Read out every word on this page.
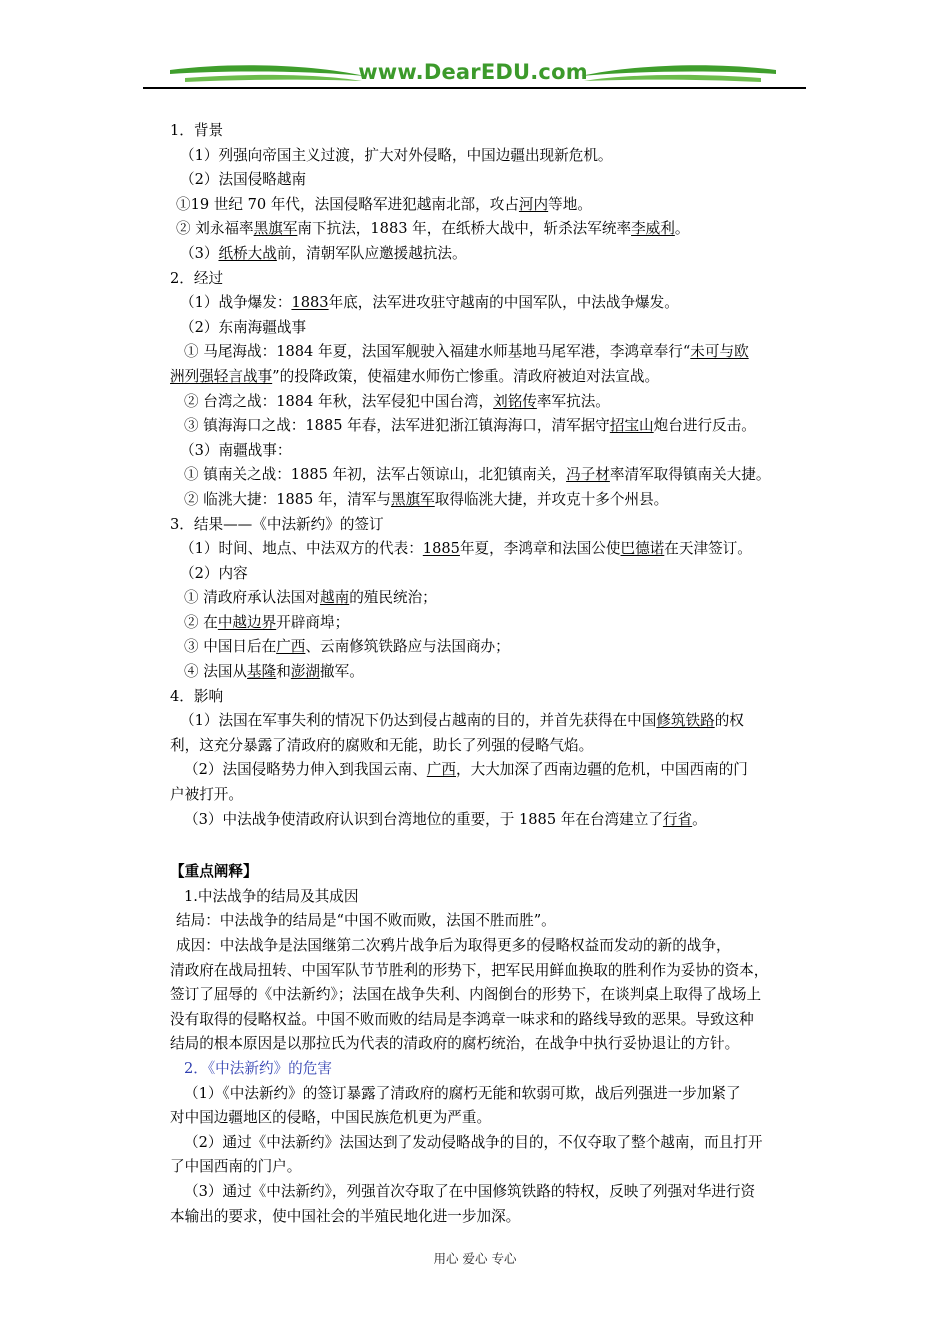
www.DearEDU.com
1．背景
（1）列强向帝国主义过渡，扩大对外侵略，中国边疆出现新危机。
（2）法国侵略越南
①19 世纪 70 年代，法国侵略军进犯越南北部，攻占河内等地。
② 刘永福率黑旗军南下抗法，1883 年，在纸桥大战中，斩杀法军统率李威利。
（3）纸桥大战前，清朝军队应邀援越抗法。
2．经过
（1）战争爆发：1883年底，法军进攻驻守越南的中国军队，中法战争爆发。
（2）东南海疆战事
① 马尾海战：1884 年夏，法国军舰驶入福建水师基地马尾军港，李鸿章奉行“未可与欧
洲列强轻言战事”的投降政策，使福建水师伤亡惨重。清政府被迫对法宣战。
② 台湾之战：1884 年秋，法军侵犯中国台湾，刘铭传率军抗法。
③ 镇海海口之战：1885 年春，法军进犯浙江镇海海口，清军据守招宝山炮台进行反击。
（3）南疆战事：
① 镇南关之战：1885 年初，法军占领谅山，北犯镇南关，冯子材率清军取得镇南关大捷。
② 临洮大捷：1885 年，清军与黑旗军取得临洮大捷，并攻克十多个州县。
3．结果——《中法新约》的签订
（1）时间、地点、中法双方的代表：1885年夏，李鸿章和法国公使巴德诺在天津签订。
（2）内容
① 清政府承认法国对越南的殖民统治；
② 在中越边界开辟商埠；
③ 中国日后在广西、云南修筑铁路应与法国商办；
④ 法国从基隆和澎湖撤军。
4．影响
（1）法国在军事失利的情况下仍达到侵占越南的目的，并首先获得在中国修筑铁路的权
利，这充分暴露了清政府的腐败和无能，助长了列强的侵略气焰。
（2）法国侵略势力伸入到我国云南、广西，大大加深了西南边疆的危机，中国西南的门
户被打开。
（3）中法战争使清政府认识到台湾地位的重要，于 1885 年在台湾建立了行省。
【重点阐释】
1.中法战争的结局及其成因
结局：中法战争的结局是“中国不败而败，法国不胜而胜”。
成因：中法战争是法国继第二次鸦片战争后为取得更多的侵略权益而发动的新的战争，
清政府在战局扭转、中国军队节节胜利的形势下，把军民用鲜血换取的胜利作为妥协的资本，
签订了屈辱的《中法新约》；法国在战争失利、内阁倒台的形势下，在谈判桌上取得了战场上
没有取得的侵略权益。中国不败而败的结局是李鸿章一味求和的路线导致的恶果。导致这种
结局的根本原因是以那拉氏为代表的清政府的腐朽统治，在战争中执行妥协退让的方针。
2．《中法新约》的危害
（1）《中法新约》的签订暴露了清政府的腐朽无能和软弱可欺，战后列强进一步加紧了
对中国边疆地区的侵略，中国民族危机更为严重。
（2）通过《中法新约》法国达到了发动侵略战争的目的，不仅夺取了整个越南，而且打开
了中国西南的门户。
（3）通过《中法新约》，列强首次夺取了在中国修筑铁路的特权，反映了列强对华进行资
本输出的要求，使中国社会的半殖民地化进一步加深。
用心 爱心 专心
